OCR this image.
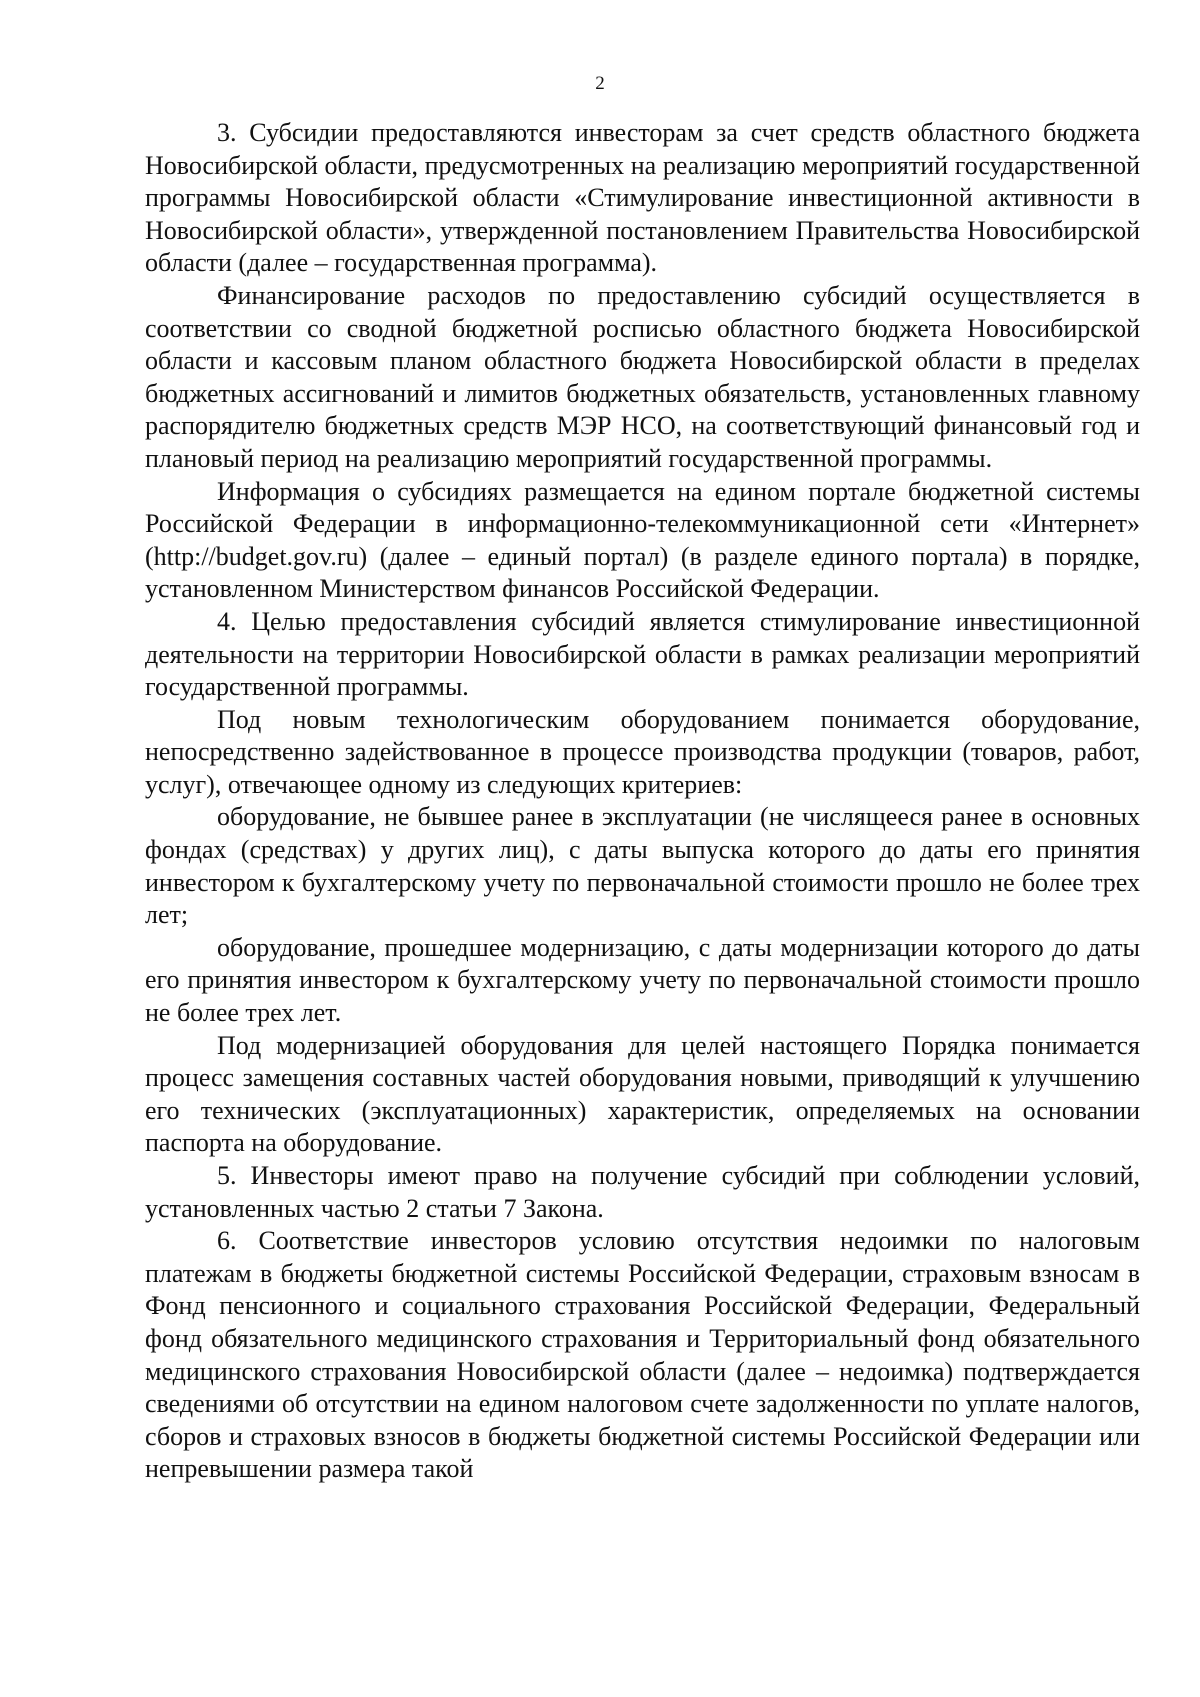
2

3. Субсидии предоставляются инвесторам за счет средств областного бюджета Новосибирской области, предусмотренных на реализацию мероприятий государственной программы Новосибирской области «Стимулирование инвестиционной активности в Новосибирской области», утвержденной постановлением Правительства Новосибирской области (далее – государственная программа).

Финансирование расходов по предоставлению субсидий осуществляется в соответствии со сводной бюджетной росписью областного бюджета Новосибирской области и кассовым планом областного бюджета Новосибирской области в пределах бюджетных ассигнований и лимитов бюджетных обязательств, установленных главному распорядителю бюджетных средств МЭР НСО, на соответствующий финансовый год и плановый период на реализацию мероприятий государственной программы.

Информация о субсидиях размещается на едином портале бюджетной системы Российской Федерации в информационно-телекоммуникационной сети «Интернет» (http://budget.gov.ru) (далее – единый портал) (в разделе единого портала) в порядке, установленном Министерством финансов Российской Федерации.

4. Целью предоставления субсидий является стимулирование инвестиционной деятельности на территории Новосибирской области в рамках реализации мероприятий государственной программы.

Под новым технологическим оборудованием понимается оборудование, непосредственно задействованное в процессе производства продукции (товаров, работ, услуг), отвечающее одному из следующих критериев:

оборудование, не бывшее ранее в эксплуатации (не числящееся ранее в основных фондах (средствах) у других лиц), с даты выпуска которого до даты его принятия инвестором к бухгалтерскому учету по первоначальной стоимости прошло не более трех лет;

оборудование, прошедшее модернизацию, с даты модернизации которого до даты его принятия инвестором к бухгалтерскому учету по первоначальной стоимости прошло не более трех лет.

Под модернизацией оборудования для целей настоящего Порядка понимается процесс замещения составных частей оборудования новыми, приводящий к улучшению его технических (эксплуатационных) характеристик, определяемых на основании паспорта на оборудование.

5. Инвесторы имеют право на получение субсидий при соблюдении условий, установленных частью 2 статьи 7 Закона.

6. Соответствие инвесторов условию отсутствия недоимки по налоговым платежам в бюджеты бюджетной системы Российской Федерации, страховым взносам в Фонд пенсионного и социального страхования Российской Федерации, Федеральный фонд обязательного медицинского страхования и Территориальный фонд обязательного медицинского страхования Новосибирской области (далее – недоимка) подтверждается сведениями об отсутствии на едином налоговом счете задолженности по уплате налогов, сборов и страховых взносов в бюджеты бюджетной системы Российской Федерации или непревышении размера такой
